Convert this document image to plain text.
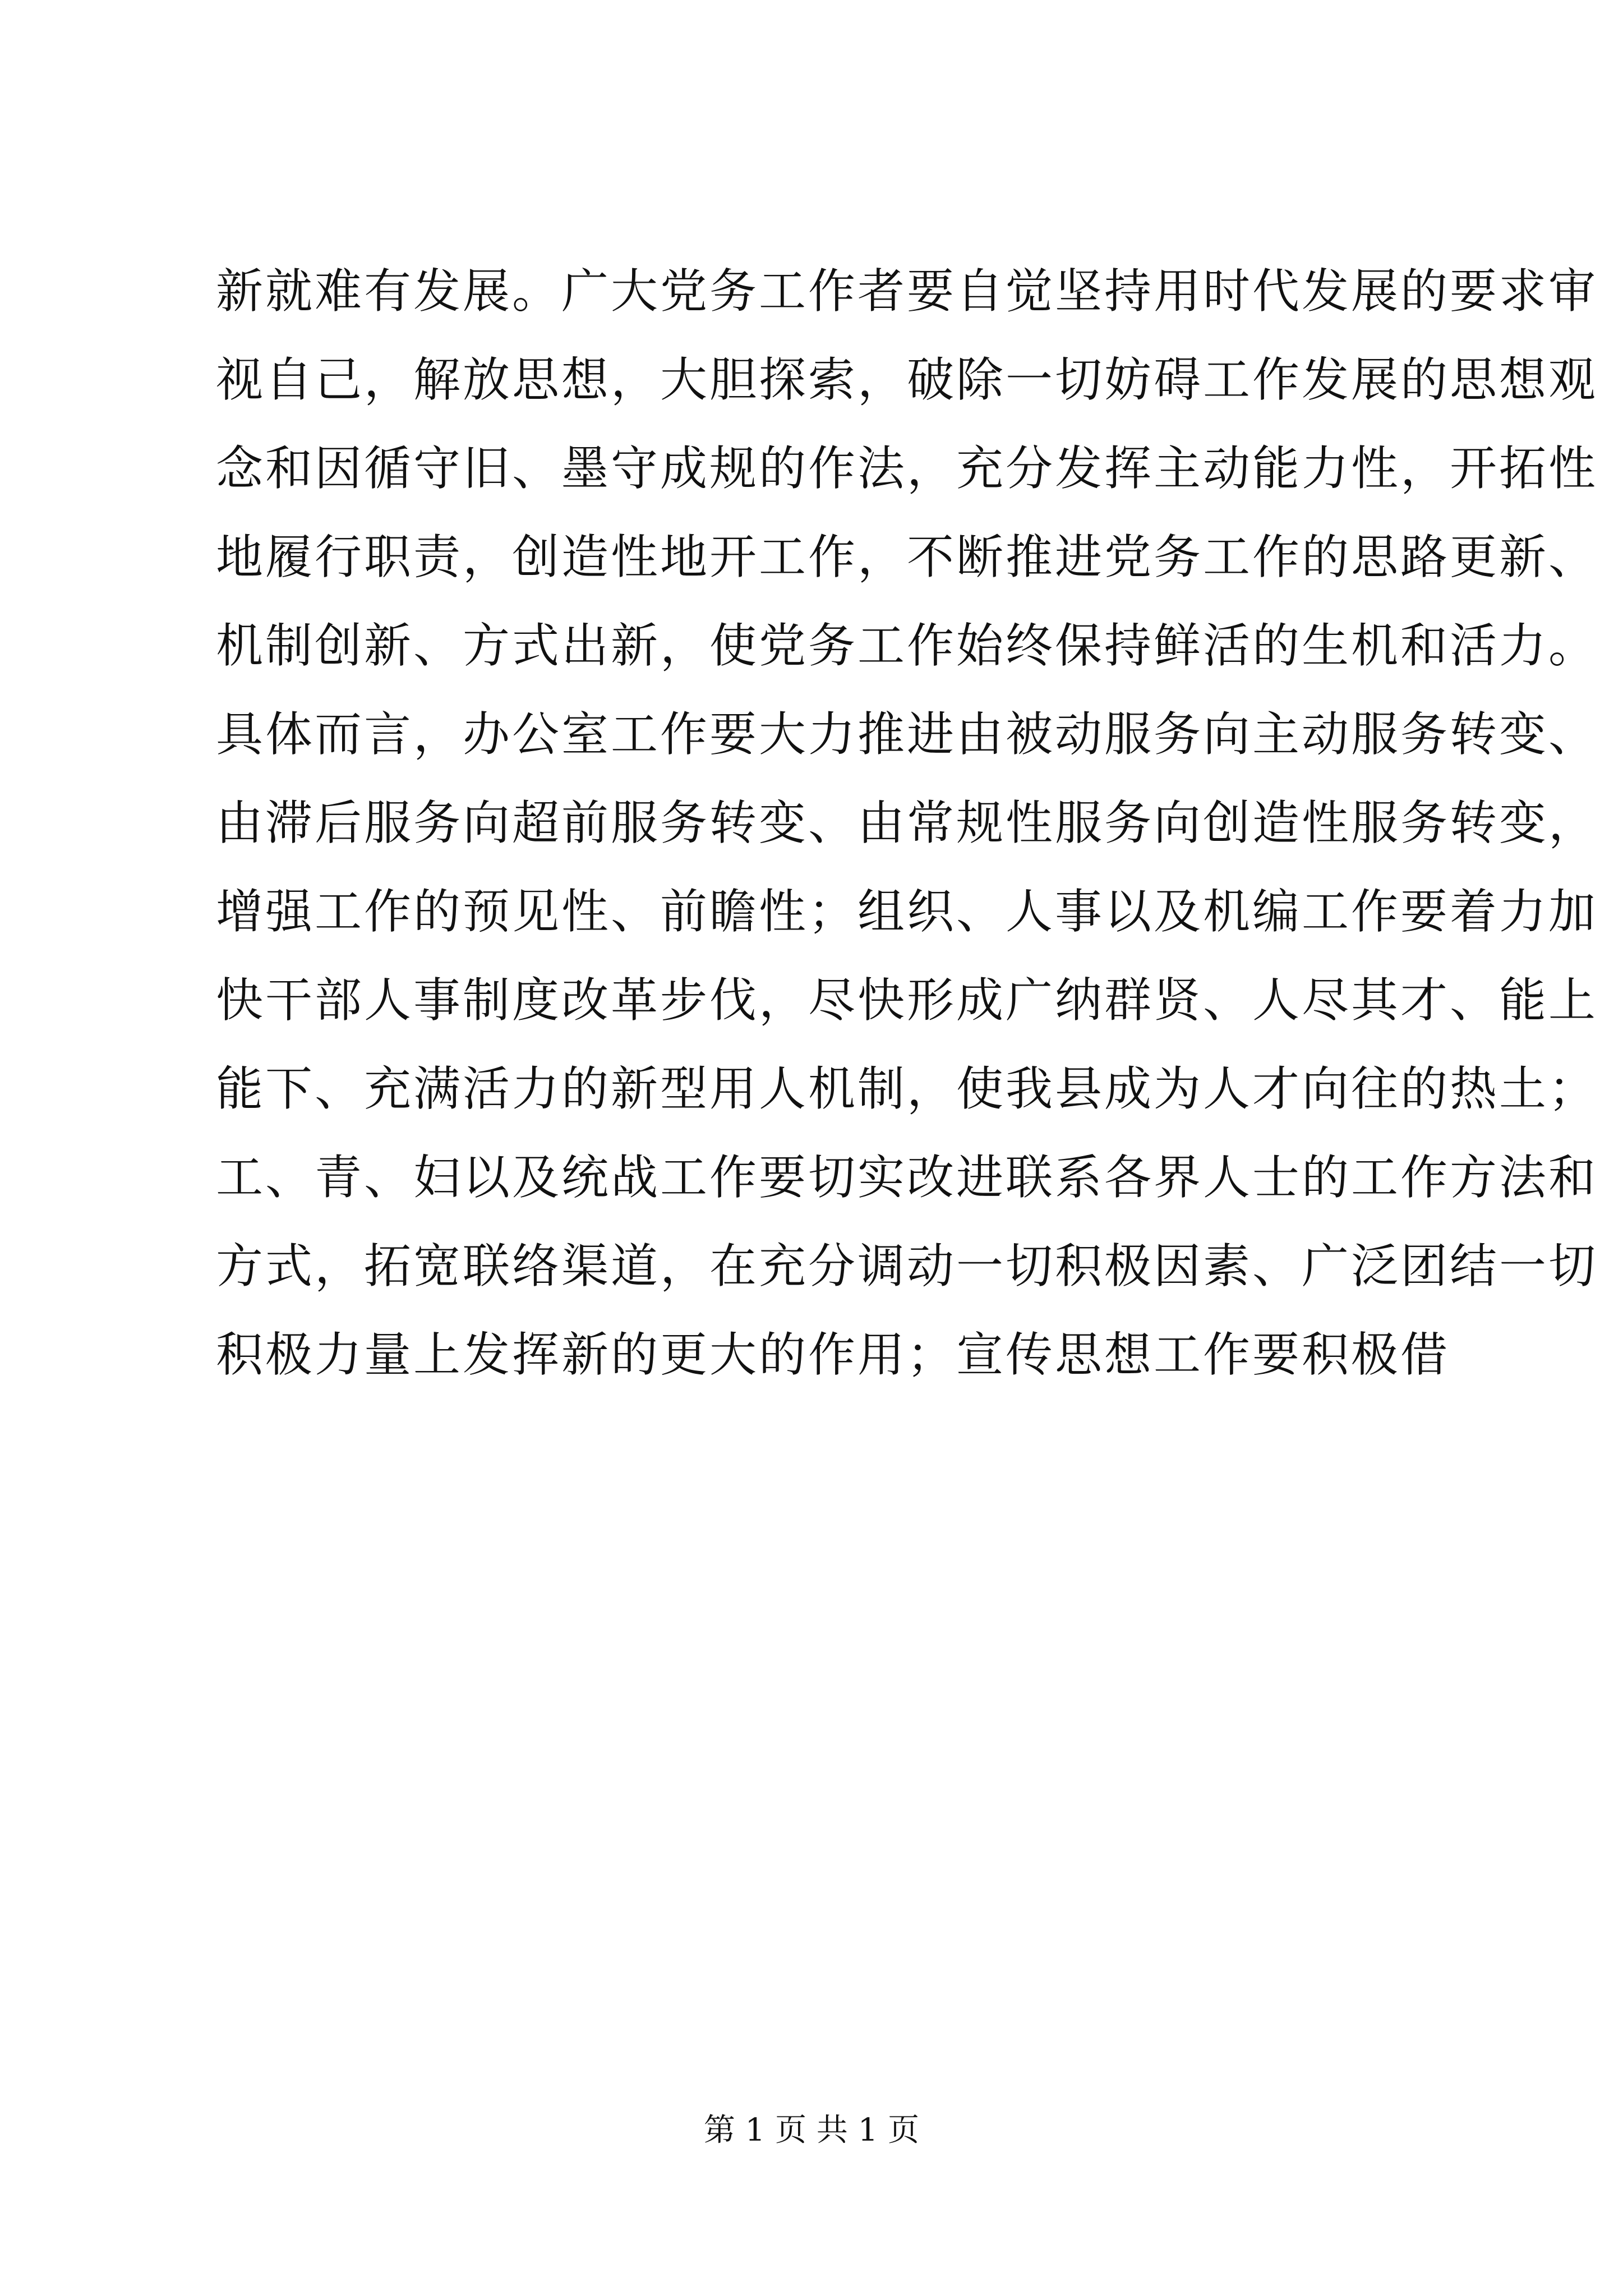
新就难有发展。广大党务工作者要自觉坚持用时代发展的要求审
视自己，解放思想，大胆探索，破除一切妨碍工作发展的思想观
念和因循守旧、墨守成规的作法，充分发挥主动能力性，开拓性
地履行职责，创造性地开工作，不断推进党务工作的思路更新、
机制创新、方式出新，使党务工作始终保持鲜活的生机和活力。
具体而言，办公室工作要大力推进由被动服务向主动服务转变、
由滞后服务向超前服务转变、由常规性服务向创造性服务转变，
增强工作的预见性、前瞻性；组织、人事以及机编工作要着力加
快干部人事制度改革步伐，尽快形成广纳群贤、人尽其才、能上
能下、充满活力的新型用人机制，使我县成为人才向往的热土；
工、青、妇以及统战工作要切实改进联系各界人士的工作方法和
方式，拓宽联络渠道，在充分调动一切积极因素、广泛团结一切
积极力量上发挥新的更大的作用；宣传思想工作要积极借
第 1 页 共 1 页
